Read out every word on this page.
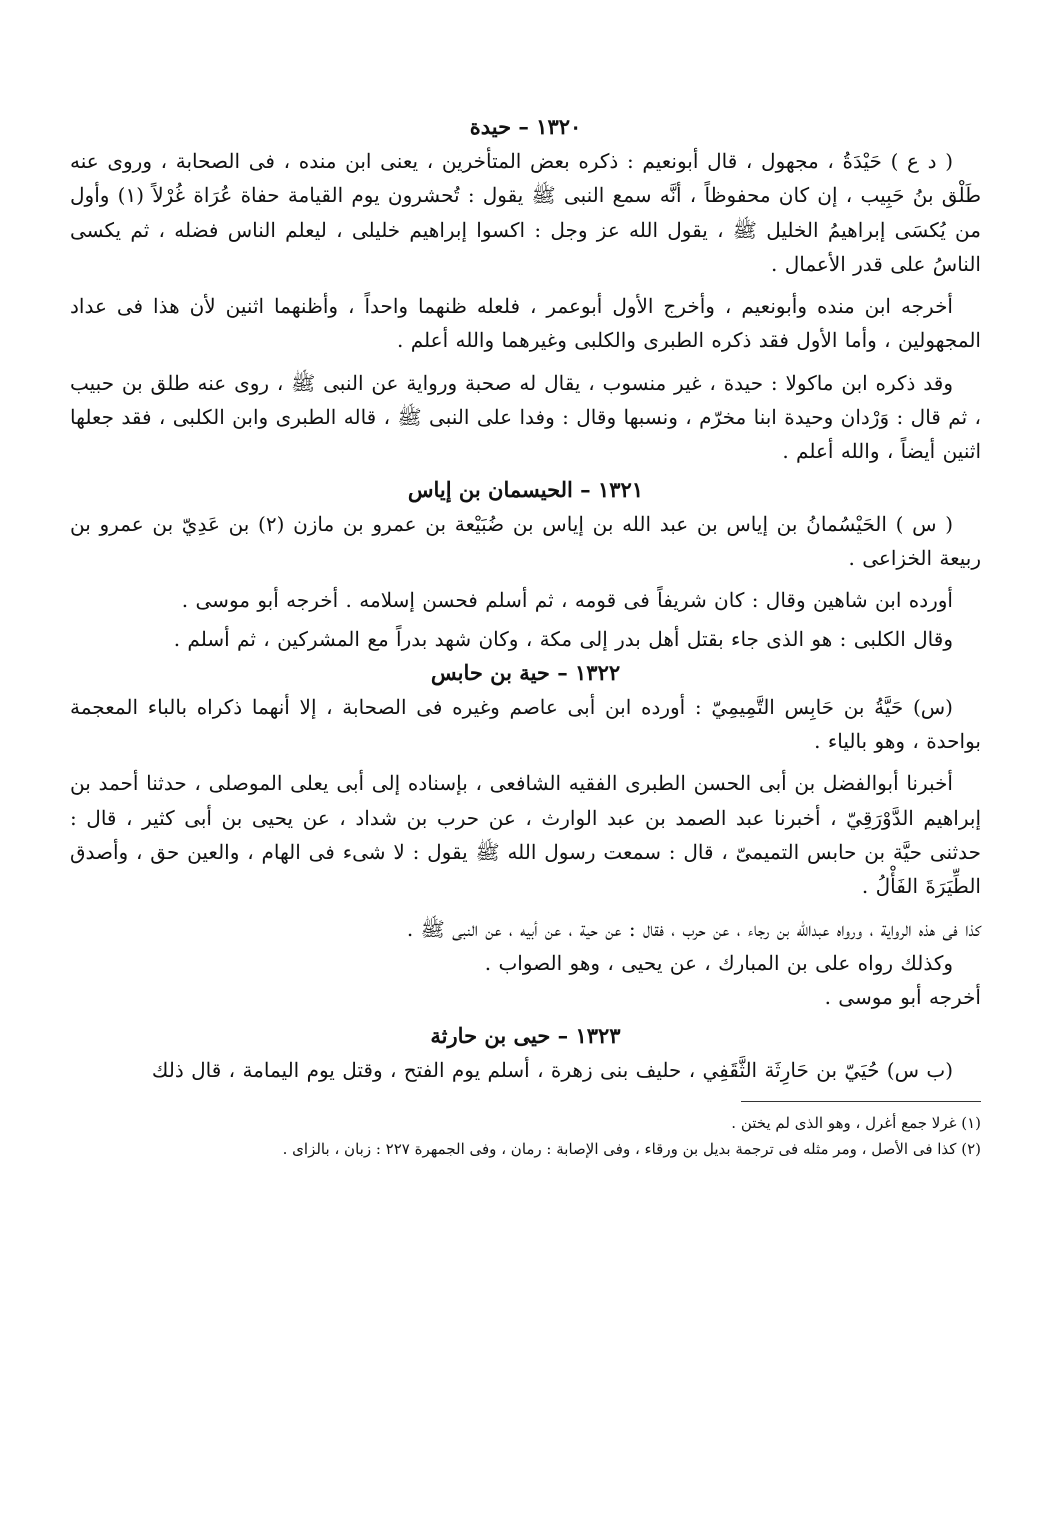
١٣٢٠ – حيدة

( د ع ) حَيْدَةُ ، مجهول ، قال أبونعيم : ذكره بعض المتأخرين ، يعنى ابن منده ، فى الصحابة ، وروى عنه طَلْق بنُ حَبِيب ، إن كان محفوظاً ، أنَّه سمع النبى ﷺ يقول : تُحشرون يوم القيامة حفاة عُرَاة غُرْلاً (١) وأول من يُكسَى إبراهيمُ الخليل ﷺ ، يقول الله عز وجل : اكسوا إبراهيم خليلى ، ليعلم الناس فضله ، ثم يكسى الناسُ على قدر الأعمال .

أخرجه ابن منده وأبونعيم ، وأخرج الأول أبوعمر ، فلعله ظنهما واحداً ، وأظنهما اثنين لأن هذا فى عداد المجهولين ، وأما الأول فقد ذكره الطبرى والكلبى وغيرهما والله أعلم .

وقد ذكره ابن ماكولا : حيدة ، غير منسوب ، يقال له صحبة ورواية عن النبى ﷺ ، روى عنه طلق بن حبيب ، ثم قال : وَرْدان وحيدة ابنا مخرّم ، ونسبها وقال : وفدا على النبى ﷺ ، قاله الطبرى وابن الكلبى ، فقد جعلها اثنين أيضاً ، والله أعلم .

١٣٢١ – الحيسمان بن إياس

( س ) الحَيْسُمانُ بن إياس بن عبد الله بن إياس بن ضُبَيْعة بن عمرو بن مازن (٢) بن عَدِيّ بن عمرو بن ربيعة الخزاعى .

أورده ابن شاهين وقال : كان شريفاً فى قومه ، ثم أسلم فحسن إسلامه . أخرجه أبو موسى .

وقال الكلبى : هو الذى جاء بقتل أهل بدر إلى مكة ، وكان شهد بدراً مع المشركين ، ثم أسلم .

١٣٢٢ – حية بن حابس

(س) حَيَّةُ بن حَابِس التَّمِيمِيّ : أورده ابن أبى عاصم وغيره فى الصحابة ، إلا أنهما ذكراه بالباء المعجمة بواحدة ، وهو بالياء .

أخبرنا أبوالفضل بن أبى الحسن الطبرى الفقيه الشافعى ، بإسناده إلى أبى يعلى الموصلى ، حدثنا أحمد بن إبراهيم الدَّوْرَقِيّ ، أخبرنا عبد الصمد بن عبد الوارث ، عن حرب بن شداد ، عن يحيى بن أبى كثير ، قال : حدثنى حيَّة بن حابس التميمىّ ، قال : سمعت رسول الله ﷺ يقول : لا شىء فى الهام ، والعين حق ، وأصدق الطِّيَرَةَ الفَأْلُ .

كذا فى هذه الرواية ، ورواه عبدالله بن رجاء ، عن حرب ، فقال : عن حية ، عن أبيه ، عن النبى ﷺ .

وكذلك رواه على بن المبارك ، عن يحيى ، وهو الصواب .

أخرجه أبو موسى .

١٣٢٣ – حيى بن حارثة

(ب س) حُيَيّ بن حَارِثَة الثَّقَفِي ، حليف بنى زهرة ، أسلم يوم الفتح ، وقتل يوم اليمامة ، قال ذلك

(١) غرلا جمع أغرل ، وهو الذى لم يختن .

(٢) كذا فى الأصل ، ومر مثله فى ترجمة بديل بن ورقاء ، وفى الإصابة : رمان ، وفى الجمهرة ٢٢٧ : زبان ، بالزاى .
